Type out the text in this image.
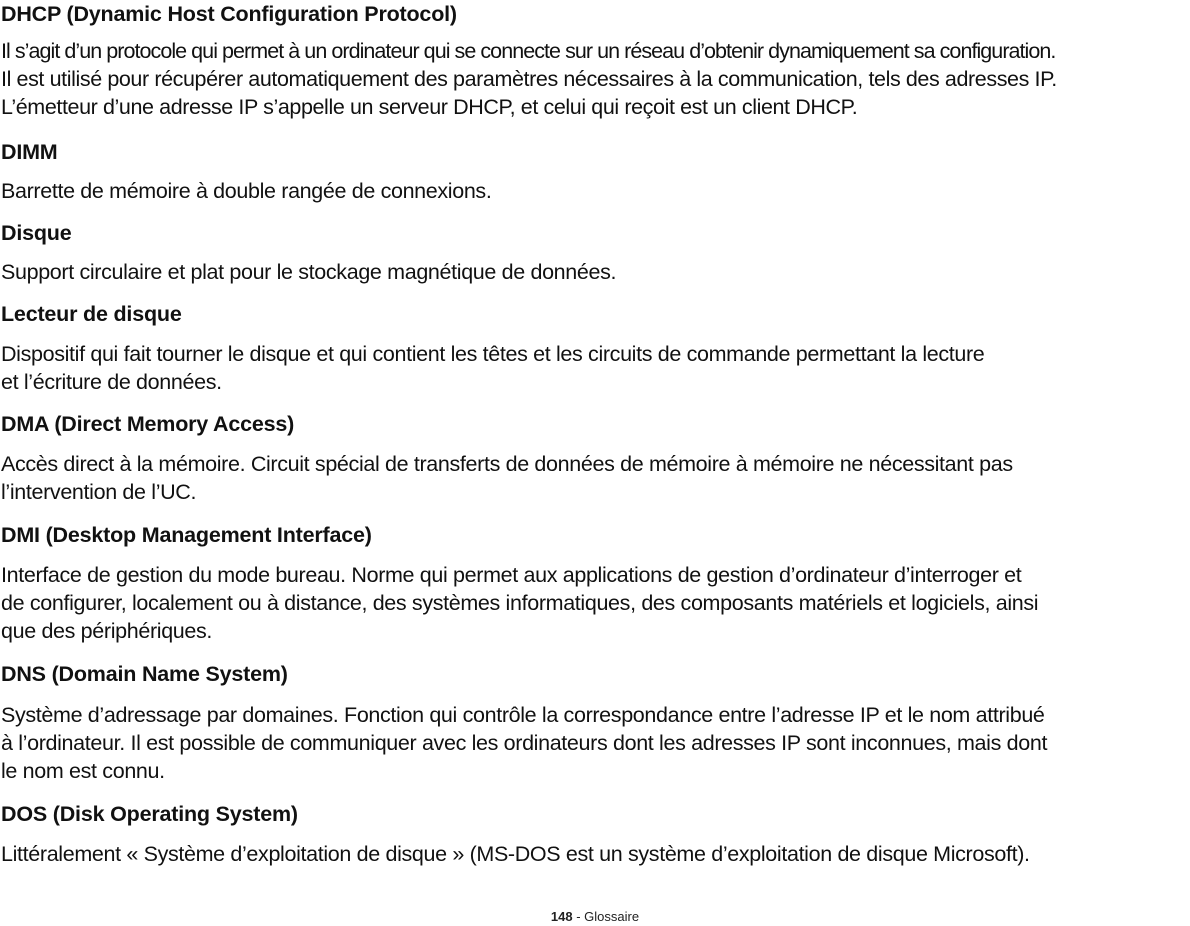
DHCP (Dynamic Host Configuration Protocol)
Il s’agit d’un protocole qui permet à un ordinateur qui se connecte sur un réseau d’obtenir dynamiquement sa configuration.
Il est utilisé pour récupérer automatiquement des paramètres nécessaires à la communication, tels des adresses IP.
L’émetteur d’une adresse IP s’appelle un serveur DHCP, et celui qui reçoit est un client DHCP.
DIMM
Barrette de mémoire à double rangée de connexions.
Disque
Support circulaire et plat pour le stockage magnétique de données.
Lecteur de disque
Dispositif qui fait tourner le disque et qui contient les têtes et les circuits de commande permettant la lecture
et l’écriture de données.
DMA (Direct Memory Access)
Accès direct à la mémoire. Circuit spécial de transferts de données de mémoire à mémoire ne nécessitant pas
l’intervention de l’UC.
DMI (Desktop Management Interface)
Interface de gestion du mode bureau. Norme qui permet aux applications de gestion d’ordinateur d’interroger et
de configurer, localement ou à distance, des systèmes informatiques, des composants matériels et logiciels, ainsi
que des périphériques.
DNS (Domain Name System)
Système d’adressage par domaines. Fonction qui contrôle la correspondance entre l’adresse IP et le nom attribué
à l’ordinateur. Il est possible de communiquer avec les ordinateurs dont les adresses IP sont inconnues, mais dont
le nom est connu.
DOS (Disk Operating System)
Littéralement « Système d’exploitation de disque » (MS-DOS est un système d’exploitation de disque Microsoft).
148 - Glossaire
